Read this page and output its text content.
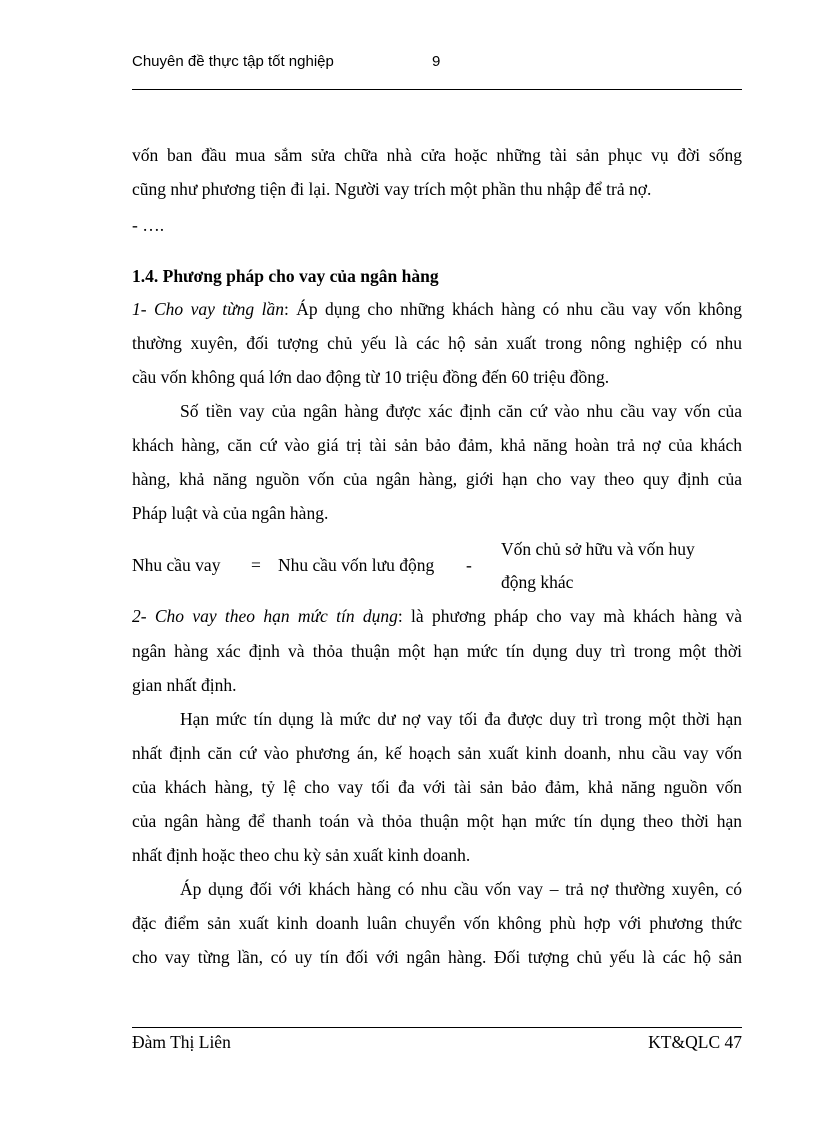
Chuyên đề thực tập tốt nghiệp	9
vốn ban đầu mua sắm sửa chữa nhà cửa hoặc những tài sản phục vụ đời sống
cũng như phương tiện đi lại. Người vay trích một phần thu nhập để trả nợ.
- ….
1.4. Phương pháp cho vay của ngân hàng
1- Cho vay từng lần: Áp dụng cho những khách hàng có nhu cầu vay vốn không
thường xuyên, đối tượng chủ yếu là các hộ sản xuất trong nông nghiệp có nhu
cầu vốn không quá lớn dao động từ 10 triệu đồng đến 60 triệu đồng.
Số tiền vay của ngân hàng được xác định căn cứ vào nhu cầu vay vốn của
khách hàng, căn cứ vào giá trị tài sản bảo đảm, khả năng hoàn trả nợ của khách
hàng, khả năng nguồn vốn của ngân hàng, giới hạn cho vay theo quy định của
Pháp luật và của ngân hàng.
Nhu cầu vay = Nhu cầu vốn lưu động -
Vốn chủ sở hữu và vốn huy
động khác
2- Cho vay theo hạn mức tín dụng: là phương pháp cho vay mà khách hàng và
ngân hàng xác định và thỏa thuận một hạn mức tín dụng duy trì trong một thời
gian nhất định.
Hạn mức tín dụng là mức dư nợ vay tối đa được duy trì trong một thời hạn
nhất định căn cứ vào phương án, kế hoạch sản xuất kinh doanh, nhu cầu vay vốn
của khách hàng, tỷ lệ cho vay tối đa với tài sản bảo đảm, khả năng nguồn vốn
của ngân hàng để thanh toán và thỏa thuận một hạn mức tín dụng theo thời hạn
nhất định hoặc theo chu kỳ sản xuất kinh doanh.
Áp dụng đối với khách hàng có nhu cầu vốn vay – trả nợ thường xuyên, có
đặc điểm sản xuất kinh doanh luân chuyển vốn không phù hợp với phương thức
cho vay từng lần, có uy tín đối với ngân hàng. Đối tượng chủ yếu là các hộ sản
Đàm Thị Liên	KT&QLC 47
